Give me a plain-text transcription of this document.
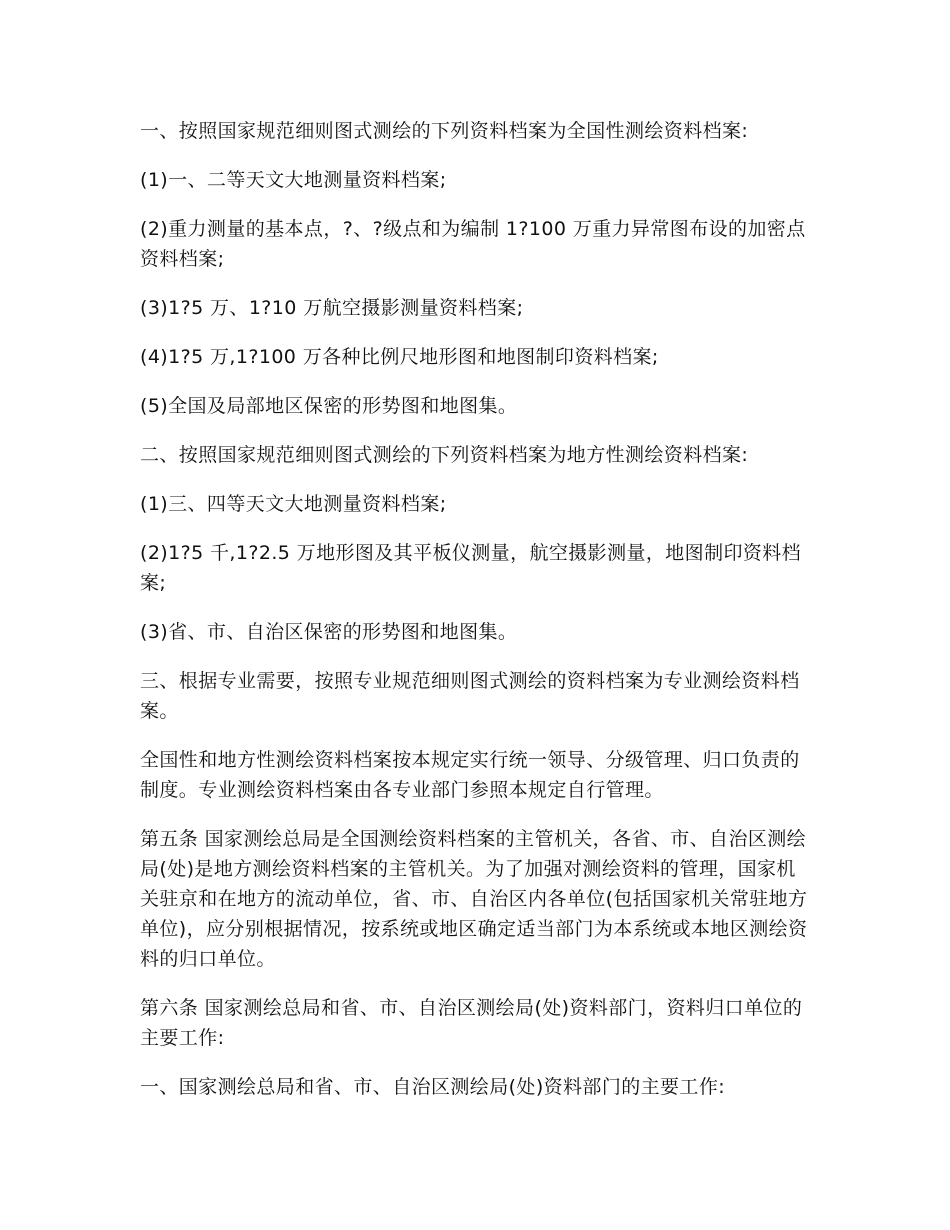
一、按照国家规范细则图式测绘的下列资料档案为全国性测绘资料档案:

(1)一、二等天文大地测量资料档案;

(2)重力测量的基本点，?、?级点和为编制 1?100 万重力异常图布设的加密点资料档案;

(3)1?5 万、1?10 万航空摄影测量资料档案;

(4)1?5 万,1?100 万各种比例尺地形图和地图制印资料档案;

(5)全国及局部地区保密的形势图和地图集。

二、按照国家规范细则图式测绘的下列资料档案为地方性测绘资料档案:

(1)三、四等天文大地测量资料档案;

(2)1?5 千,1?2.5 万地形图及其平板仪测量，航空摄影测量，地图制印资料档案;

(3)省、市、自治区保密的形势图和地图集。

三、根据专业需要，按照专业规范细则图式测绘的资料档案为专业测绘资料档案。

全国性和地方性测绘资料档案按本规定实行统一领导、分级管理、归口负责的制度。专业测绘资料档案由各专业部门参照本规定自行管理。

第五条 国家测绘总局是全国测绘资料档案的主管机关，各省、市、自治区测绘局(处)是地方测绘资料档案的主管机关。为了加强对测绘资料的管理，国家机关驻京和在地方的流动单位，省、市、自治区内各单位(包括国家机关常驻地方单位)，应分别根据情况，按系统或地区确定适当部门为本系统或本地区测绘资料的归口单位。

第六条 国家测绘总局和省、市、自治区测绘局(处)资料部门，资料归口单位的主要工作:

一、国家测绘总局和省、市、自治区测绘局(处)资料部门的主要工作:
